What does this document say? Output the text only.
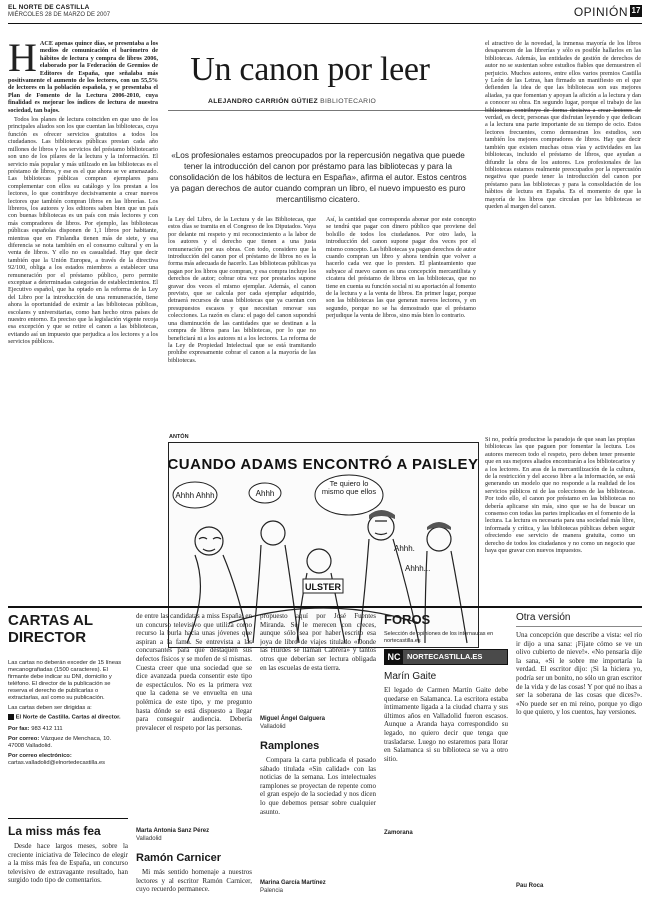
EL NORTE DE CASTILLA
MIÉRCOLES 28 DE MARZO DE 2007	OPINIÓN 17
H ACE apenas quince días, se presentaba a los medios de comunicación el barómetro de hábitos de lectura y compra de libros 2006, elaborado por la Federación de Gremios de Editores de España, que señalaba más positivamente el aumento de los lectores, con un 55,5% de lectores en la población española, y se presentaba el Plan de Fomento de la Lectura 2006-2010, cuya finalidad es mejorar los índices de lectura de nuestra sociedad, tan bajos.

Todos los planes de lectura coinciden en que uno de los principales aliados son los que cuentan las bibliotecas, cuya función es ofrecer servicios gratuitos a todos los ciudadanos. Las bibliotecas públicas prestan cada año millones de libros y los servicios del préstamo bibliotecario son uno de los pilares de la lectura y la información. El servicio más popular y más utilizado en las bibliotecas es el préstamo de libros, y ese es el que ahora se ve amenazado. Las bibliotecas públicas compran ejemplares para complementar con ellos su catálogo y los prestan a los lectores, lo que contribuye decisivamente a crear nuevos lectores que también compran libros en las librerías. Los libreros, los autores y los editores saben bien que un país con buenas bibliotecas es un país con más lectores y con más compradores de libros. Por ejemplo, las bibliotecas públicas españolas disponen de 1,1 libros por habitante, mientras que en Finlandia tienen más de siete, y esa diferencia se nota también en el consumo cultural y en la venta de libros. Y ello no es casualidad. Hay que decir también que la Unión Europea, a través de la directiva 92/100, obliga a los estados miembros a establecer una remuneración por el préstamo público, pero permite exceptuar a determinadas categorías de establecimientos. El Ejecutivo español, que ha optado en la reforma de la Ley del Libro por la introducción de una remuneración, tiene ahora la oportunidad de eximir a las bibliotecas públicas, escolares y universitarias, como han hecho otros países de nuestro entorno. Es preciso que la legislación vigente recoja esa excepción y que se retire el canon a las bibliotecas, evitando así un impuesto que perjudica a los lectores y a los servicios públicos.

Un canon por leer
ALEJANDRO CARRIÓN GÚTIEZ BIBLIOTECARIO
«Los profesionales estamos preocupados por la repercusión negativa que puede tener la introducción del canon por préstamo para las bibliotecas y para la consolidación de los hábitos de lectura en España», afirma el autor. Estos centros ya pagan derechos de autor cuando compran un libro, el nuevo impuesto es puro mercantilismo cicatero.

la Ley del Libro, de la Lectura y de las Bibliotecas, que estos días se tramita en el Congreso de los Diputados. Vaya por delante mi respeto y mi reconocimiento a la labor de los autores y el derecho que tienen a una justa remuneración por sus obras. Con todo, considero que la introducción del canon por el préstamo de libros no es la forma más adecuada de hacerlo. Las bibliotecas públicas ya pagan por los libros que compran, y esa compra incluye los derechos de autor; cobrar otra vez por prestarlos supone gravar dos veces el mismo ejemplar. Además, el canon previsto, que se calcula por cada ejemplar adquirido, detraerá recursos de unas bibliotecas que ya cuentan con presupuestos escasos y que necesitan renovar sus colecciones. La razón es clara: el pago del canon supondrá una disminución de las cantidades que se destinan a la compra de libros para las bibliotecas, por lo que no beneficiará ni a los autores ni a los lectores. La reforma de la Ley de Propiedad Intelectual que se está tramitando prohíbe expresamente cobrar el canon a la mayoría de las bibliotecas.

Así, la cantidad que corresponda abonar por este concepto se tendrá que pagar con dinero público que proviene del bolsillo de todos los ciudadanos. Por otro lado, la introducción del canon supone pagar dos veces por el mismo concepto. Las bibliotecas ya pagan derechos de autor cuando compran un libro y ahora tendrán que volver a hacerlo cada vez que lo presten. El planteamiento que subyace al nuevo canon es una concepción mercantilista y cicatera del préstamo de libros en las bibliotecas, que no tiene en cuenta su función social ni su aportación al fomento de la lectura y a la venta de libros. En primer lugar, porque son las bibliotecas las que generan nuevos lectores, y en segundo, porque no se ha demostrado que el préstamo perjudique la venta de libros, sino más bien lo contrario.

el atractivo de la novedad, la inmensa mayoría de los libros desaparecen de las librerías y sólo es posible hallarlos en las bibliotecas. Además, las entidades de gestión de derechos de autor no se sustentan sobre estudios fiables que demuestren el perjuicio. Muchos autores, entre ellos varios premios Castilla y León de las Letras, han firmado un manifiesto en el que defienden la idea de que las bibliotecas son sus mejores aliadas, ya que fomentan y apoyan la afición a la lectura y dan a conocer su obra. En segundo lugar, porque el trabajo de las bibliotecas contribuye de forma decisiva a crear lectores de verdad, es decir, personas que disfrutan leyendo y que dedican a la lectura una parte importante de su tiempo de ocio. Estos lectores frecuentes, como demuestran los estudios, son también los mejores compradores de libros. Hay que decir también que existen muchas otras vías y actividades en las bibliotecas, incluido el préstamo de libros, que ayudan a difundir la obra de los autores. Los profesionales de las bibliotecas estamos realmente preocupados por la repercusión negativa que puede tener la introducción del canon por préstamo para las bibliotecas y para la consolidación de los hábitos de lectura en España. Es el momento de que la mayoría de los libros que circulan por las bibliotecas se queden al margen del canon.

Si no, podría producirse la paradoja de que sean las propias bibliotecas las que paguen por fomentar la lectura. Los autores merecen todo el respeto, pero deben tener presente que en sus mejores aliados encontrarán a los bibliotecarios y a los lectores. En aras de la mercantilización de la cultura, de la restricción y del acceso libre a la información, se está generando un modelo que no responde a la realidad de los servicios públicos ni de las colecciones de las bibliotecas. Por todo ello, el canon por préstamo en las bibliotecas no debería aplicarse sin más, sino que se ha de buscar un consenso con todas las partes implicadas en el fomento de la lectura. La lectura es necesaria para una sociedad más libre, informada y crítica, y las bibliotecas públicas deben seguir ofreciendo ese servicio de manera gratuita, como un derecho de todos los ciudadanos y no como un negocio que haya que gravar con nuevos impuestos.

ANTÓN
CUANDO ADAMS ENCONTRÓ A PAISLEY
Ahhh Ahhh	Ahhh
Te quiero lo mismo que ellos
Ahhh.
Ahhh...
ULSTER
CARTAS AL DIRECTOR
Las cartas no deberán exceder de 15 líneas mecanografiadas (1500 caracteres). El firmante debe indicar su DNI, domicilio y teléfono. El director de la publicación se reserva el derecho de publicarlas o extractarlas, así como su publicación.
Las cartas deben ser dirigidas a:
El Norte de Castilla. Cartas al director.
Por fax: 983 412 111
Por correo: Vázquez de Menchaca, 10. 47008 Valladolid.
Por correo electrónico: cartas.valladolid@elnortedecastilla.es
La miss más fea

Desde hace largos meses, sobre la creciente iniciativa de Telecinco de elegir a la miss más fea de España, un concurso televisivo de extravagante resultado, han surgido todo tipo de comentarios.

de entre las candidatas a miss España, en un concurso televisivo que utiliza como recurso la burla hacia unas jóvenes que aspiran a la fama. Se entrevista a las concursantes para que destaquen sus defectos físicos y se mofen de sí mismas. Cuesta creer que una sociedad que se dice avanzada pueda consentir este tipo de espectáculos. No es la primera vez que la cadena se ve envuelta en una polémica de este tipo, y me pregunto hasta dónde se está dispuesto a llegar para conseguir audiencia. Debería prevalecer el respeto por las personas.

Marta Antonia Sanz Pérez
Valladolid
Ramón Carnicer

Mi más sentido homenaje a nuestros lectores y al escritor Ramón Carnicer, cuyo recuerdo permanece.

propuesto aquí por José Fuentes Miranda. Se le merecen con creces, aunque sólo sea por haber escrito esa joya de libro de viajes titulado «Donde las Hurdes se llaman Cabrera» y tantos otros que deberían ser lectura obligada en las escuelas de esta tierra.

Miguel Ángel Galguera
Valladolid
Ramplones

Compara la carta publicada el pasado sábado titulada «Sin calidad» con las noticias de la semana. Los intelectuales ramplones se proyectan de repente como el gran espejo de la sociedad y nos dicen lo que debemos pensar sobre cualquier asunto.

Marina García Martínez
Palencia
FOROS
Selección de opiniones de los internautas en nortecastilla.es
NC NORTECASTILLA.ES
Marín Gaite

El legado de Carmen Martín Gaite debe quedarse en Salamanca. La escritora estaba íntimamente ligada a la ciudad charra y sus últimos años en Valladolid fueron escasos. Aunque a Aranda haya correspondido su legado, no quiero decir que tenga que trasladarse. Luego no estaremos para llorar en Salamanca si su biblioteca se va a otro sitio.

Zamorana
Otra versión

Una concepción que describe a vista: «el río ir dijo a una sana: ¡Fíjate cómo se ve un olivo cubierto de nieve!». «No pensaría dije la sana, «Si le sobre me importaría la verdad. El escritor dijo: ¡Si la hiciera yo, podría ser un bonito, no sólo un gran escritor de la vida y de las cosas! Y por qué no ibas a ser la soberana de las cosas que dices?». «No puede ser en mi reino, porque yo digo lo que quiero, y los cuentos, hay versiones.

Pau Roca
